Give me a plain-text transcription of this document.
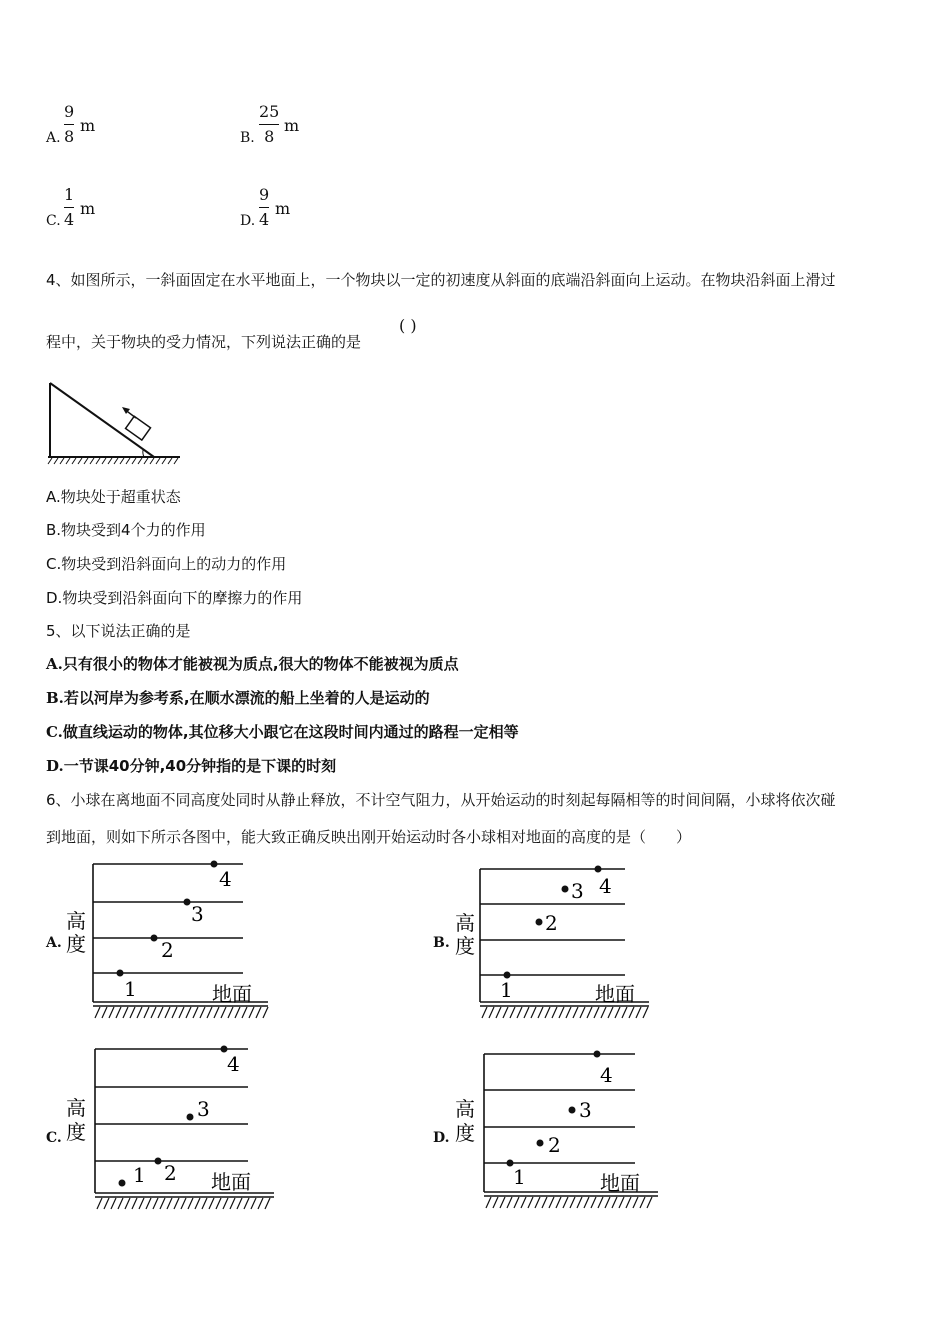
A.
9
8
m
B.
25
8
m
C.
1
4
m
D.
9
4
m
4、如图所示，一斜面固定在水平地面上，一个物块以一定的初速度从斜面的底端沿斜面向上运动。在物块沿斜面上滑过
程中，关于物块的受力情况，下列说法正确的是
( )
A.物块处于超重状态
B.物块受到4个力的作用
C.物块受到沿斜面向上的动力的作用
D.物块受到沿斜面向下的摩擦力的作用
5、以下说法正确的是
A.只有很小的物体才能被视为质点,很大的物体不能被视为质点
B.若以河岸为参考系,在顺水漂流的船上坐着的人是运动的
C.做直线运动的物体,其位移大小跟它在这段时间内通过的路程一定相等
D.一节课40分钟,40分钟指的是下课的时刻
6、小球在离地面不同高度处同时从静止释放，不计空气阻力，从开始运动的时刻起每隔相等的时间间隔，小球将依次碰
到地面，则如下所示各图中，能大致正确反映出刚开始运动时各小球相对地面的高度的是（　　）
A.
高
度
1
2
3
4
地面
B.
高
度
1
2
3 4
地面
C.
高
度
1 2
3
4
地面
D.
高
度
1
2
3
4
地面
